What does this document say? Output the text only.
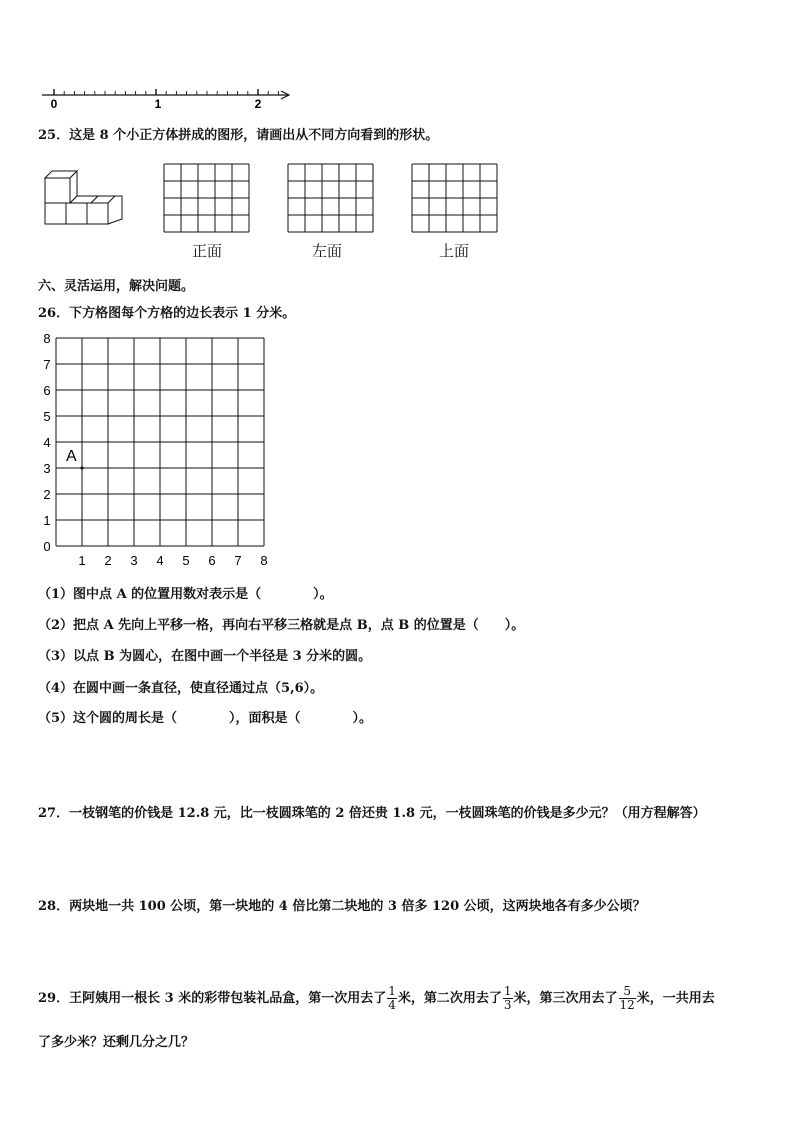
0	1	2
25．这是 8 个小正方体拼成的图形，请画出从不同方向看到的形状。
正面	左面	上面
六、灵活运用，解决问题。
26．下方格图每个方格的边长表示 1 分米。
1 2 3 4 5 6 7 8
0
1
2
3
4
5
6
7
8
A
（1）图中点 A 的位置用数对表示是（　　　　）。
（2）把点 A 先向上平移一格，再向右平移三格就是点 B，点 B 的位置是（　　）。
（3）以点 B 为圆心，在图中画一个半径是 3 分米的圆。
（4）在圆中画一条直径，使直径通过点（5,6）。
（5）这个圆的周长是（　　　　），面积是（　　　　）。
27．一枝钢笔的价钱是 12.8 元，比一枝圆珠笔的 2 倍还贵 1.8 元，一枝圆珠笔的价钱是多少元？（用方程解答）
28．两块地一共 100 公顷，第一块地的 4 倍比第二块地的 3 倍多 120 公顷，这两块地各有多少公顷？
29．王阿姨用一根长 3 米的彩带包装礼品盒，第一次用去了 $\frac{1}{4}$ 米，第二次用去了 $\frac{1}{3}$ 米，第三次用去了 $\frac{5}{12}$ 米，一共用去
了多少米？还剩几分之几？
